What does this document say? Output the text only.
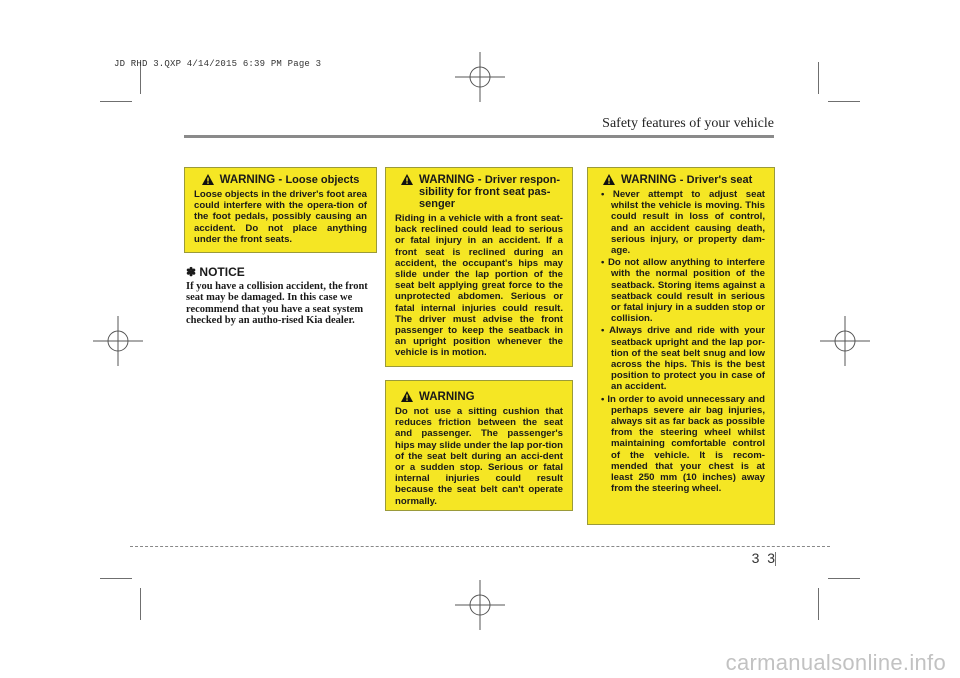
JD RHD 3.QXP 4/14/2015 6:39 PM Page 3
Safety features of your vehicle
WARNING
-
Loose objects
Loose objects in the driver's foot area could interfere with the opera-tion of the foot pedals, possibly causing an accident. Do not place anything under the front seats.
✽ NOTICE
If you have a collision accident, the front seat may be damaged. In this case we recommend that you have a seat system checked by an autho-rised Kia dealer.
WARNING - Driver respon-sibility for front seat pas-senger
Riding in a vehicle with a front seat-back reclined could lead to serious or fatal injury in an accident. If a front seat is reclined during an accident, the occupant's hips may slide under the lap portion of the seat belt applying great force to the unprotected abdomen. Serious or fatal internal injuries could result. The driver must advise the front passenger to keep the seatback in an upright position whenever the vehicle is in motion.
WARNING
Do not use a sitting cushion that reduces friction between the seat and passenger. The passenger's hips may slide under the lap por-tion of the seat belt during an acci-dent or a sudden stop. Serious or fatal internal injuries could result because the seat belt can't operate normally.
WARNING
-
Driver's seat
• Never attempt to adjust seat whilst the vehicle is moving. This could result in loss of control, and an accident causing death, serious injury, or property dam-age.
• Do not allow anything to interfere with the normal position of the seatback. Storing items against a seatback could result in serious or fatal injury in a sudden stop or collision.
• Always drive and ride with your seatback upright and the lap por-tion of the seat belt snug and low across the hips. This is the best position to protect you in case of an accident.
• In order to avoid unnecessary and perhaps severe air bag injuries, always sit as far back as possible from the steering wheel whilst maintaining comfortable control of the vehicle. It is recom-mended that your chest is at least 250 mm (10 inches) away from the steering wheel.
3 3
carmanualsonline.info
